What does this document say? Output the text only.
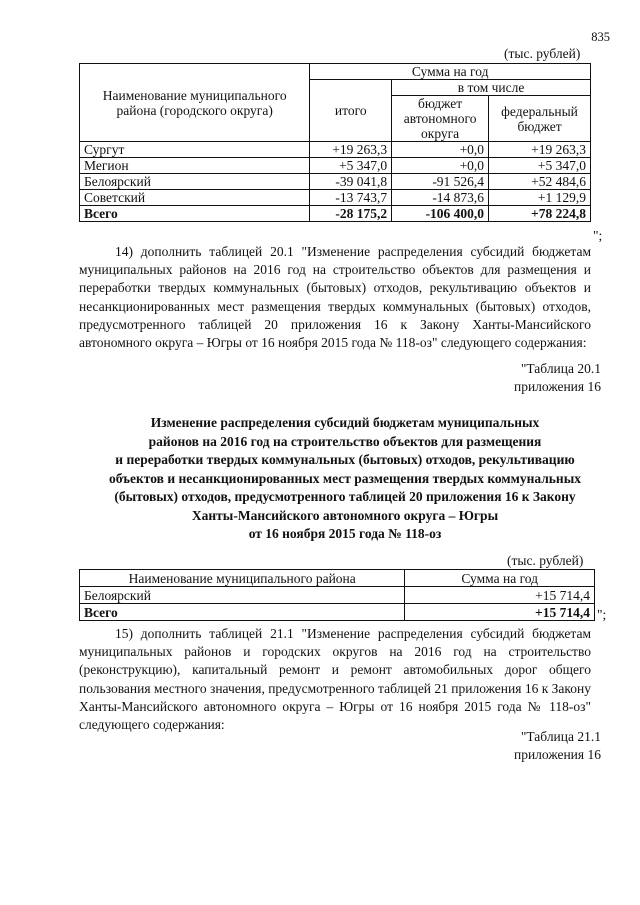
835
(тыс. рублей)
Наименование муниципального района (городского округа)	Сумма на год		
	итого	в том числе	
		бюджет автономного округа	федеральный бюджет
Сургут	+19 263,3	+0,0	+19 263,3
Мегион	+5 347,0	+0,0	+5 347,0
Белоярский	-39 041,8	-91 526,4	+52 484,6
Советский	-13 743,7	-14 873,6	+1 129,9
Всего	-28 175,2	-106 400,0	+78 224,8
";

14) дополнить таблицей 20.1 "Изменение распределения субсидий бюджетам муниципальных районов на 2016 год на строительство объектов для размещения и переработки твердых коммунальных (бытовых) отходов, рекультивацию объектов и несанкционированных мест размещения твердых коммунальных (бытовых) отходов, предусмотренного таблицей 20 приложения 16 к Закону Ханты-Мансийского автономного округа – Югры от 16 ноября 2015 года № 118-оз" следующего содержания:

"Таблица 20.1
приложения 16
Изменение распределения субсидий бюджетам муниципальных
районов на 2016 год на строительство объектов для размещения
и переработки твердых коммунальных (бытовых) отходов, рекультивацию
объектов и несанкционированных мест размещения твердых коммунальных
(бытовых) отходов, предусмотренного таблицей 20 приложения 16 к Закону
Ханты-Мансийского автономного округа – Югры
от 16 ноября 2015 года № 118-оз
(тыс. рублей)
Наименование муниципального района	Сумма на год
Белоярский	+15 714,4
Всего	+15 714,4 ";

15) дополнить таблицей 21.1 "Изменение распределения субсидий бюджетам муниципальных районов и городских округов на 2016 год на строительство (реконструкцию), капитальный ремонт и ремонт автомобильных дорог общего пользования местного значения, предусмотренного таблицей 21 приложения 16 к Закону Ханты-Мансийского автономного округа – Югры от 16 ноября 2015 года № 118-оз" следующего содержания:

"Таблица 21.1
приложения 16
